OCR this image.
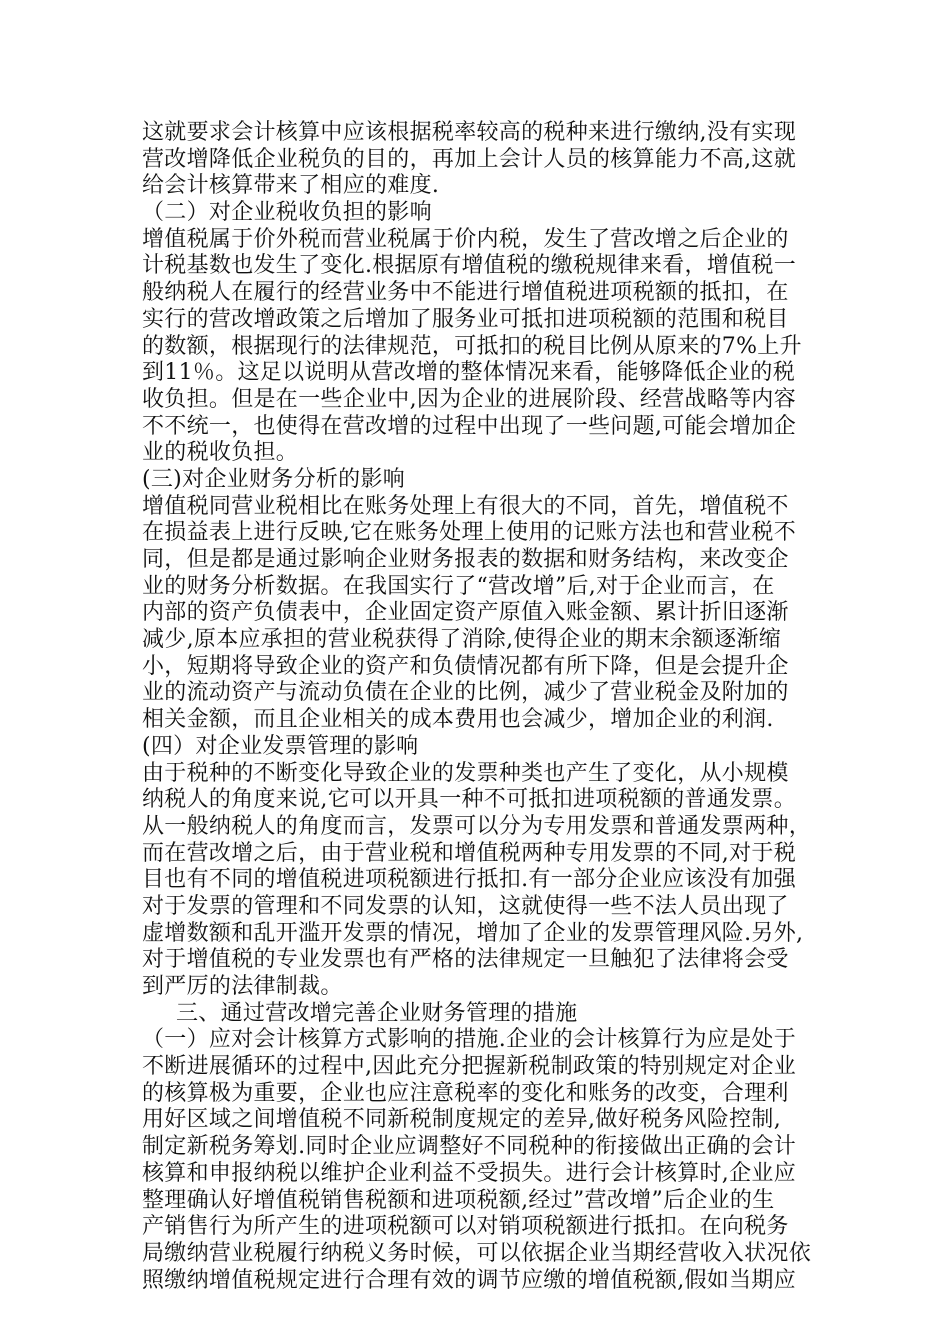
这就要求会计核算中应该根据税率较高的税种来进行缴纳,没有实现
营改增降低企业税负的目的，再加上会计人员的核算能力不高,这就
给会计核算带来了相应的难度.
（二）对企业税收负担的影响
增值税属于价外税而营业税属于价内税，发生了营改增之后企业的
计税基数也发生了变化.根据原有增值税的缴税规律来看，增值税一
般纳税人在履行的经营业务中不能进行增值税进项税额的抵扣，在
实行的营改增政策之后增加了服务业可抵扣进项税额的范围和税目
的数额，根据现行的法律规范，可抵扣的税目比例从原来的7%上升
到11％。这足以说明从营改增的整体情况来看，能够降低企业的税
收负担。但是在一些企业中,因为企业的进展阶段、经营战略等内容
不不统一，也使得在营改增的过程中出现了一些问题,可能会增加企
业的税收负担。
(三)对企业财务分析的影响
增值税同营业税相比在账务处理上有很大的不同，首先，增值税不
在损益表上进行反映,它在账务处理上使用的记账方法也和营业税不
同，但是都是通过影响企业财务报表的数据和财务结构，来改变企
业的财务分析数据。在我国实行了“营改增”后,对于企业而言，在
内部的资产负债表中，企业固定资产原值入账金额、累计折旧逐渐
减少,原本应承担的营业税获得了消除,使得企业的期末余额逐渐缩
小，短期将导致企业的资产和负债情况都有所下降，但是会提升企
业的流动资产与流动负债在企业的比例，减少了营业税金及附加的
相关金额，而且企业相关的成本费用也会减少，增加企业的利润.
(四）对企业发票管理的影响
由于税种的不断变化导致企业的发票种类也产生了变化，从小规模
纳税人的角度来说,它可以开具一种不可抵扣进项税额的普通发票。
从一般纳税人的角度而言，发票可以分为专用发票和普通发票两种，
而在营改增之后，由于营业税和增值税两种专用发票的不同,对于税
目也有不同的增值税进项税额进行抵扣.有一部分企业应该没有加强
对于发票的管理和不同发票的认知，这就使得一些不法人员出现了
虚增数额和乱开滥开发票的情况，增加了企业的发票管理风险.另外,
对于增值税的专业发票也有严格的法律规定一旦触犯了法律将会受
到严厉的法律制裁。
三、通过营改增完善企业财务管理的措施
（一）应对会计核算方式影响的措施.企业的会计核算行为应是处于
不断进展循环的过程中,因此充分把握新税制政策的特别规定对企业
的核算极为重要，企业也应注意税率的变化和账务的改变，合理利
用好区域之间增值税不同新税制度规定的差异,做好税务风险控制,
制定新税务筹划.同时企业应调整好不同税种的衔接做出正确的会计
核算和申报纳税以维护企业利益不受损失。进行会计核算时,企业应
整理确认好增值税销售税额和进项税额,经过”营改增”后企业的生
产销售行为所产生的进项税额可以对销项税额进行抵扣。在向税务
局缴纳营业税履行纳税义务时候，可以依据企业当期经营收入状况依
照缴纳增值税规定进行合理有效的调节应缴的增值税额,假如当期应
